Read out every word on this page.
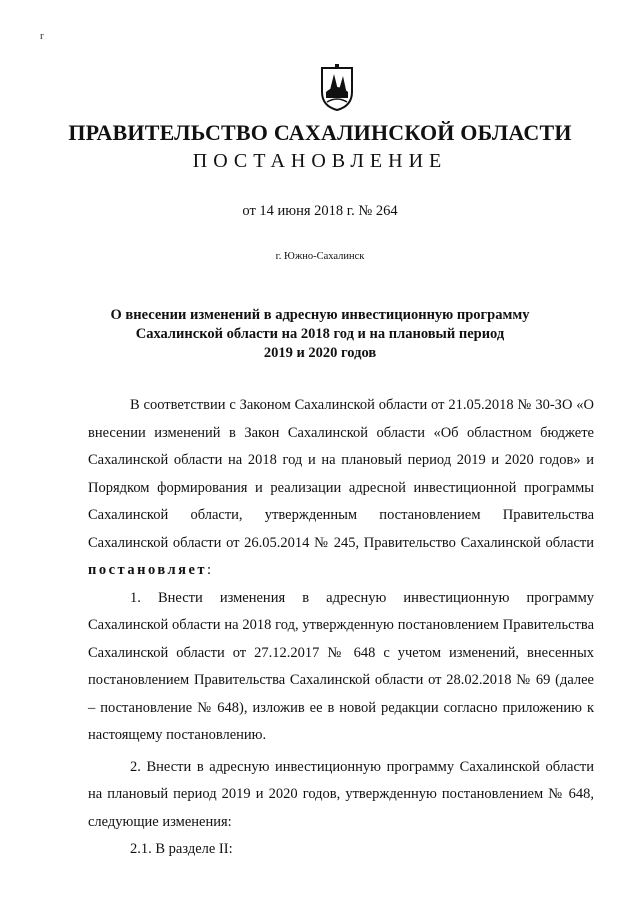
r
ПРАВИТЕЛЬСТВО САХАЛИНСКОЙ ОБЛАСТИ
ПОСТАНОВЛЕНИЕ
от 14 июня 2018 г. № 264
г. Южно-Сахалинск
О внесении изменений в адресную инвестиционную программу
Сахалинской области на 2018 год и на плановый период
2019 и 2020 годов

В соответствии с Законом Сахалинской области от 21.05.2018 № 30-ЗО «О внесении изменений в Закон Сахалинской области «Об областном бюджете Сахалинской области на 2018 год и на плановый период 2019 и 2020 годов» и Порядком формирования и реализации адресной инвестиционной программы Сахалинской области, утвержденным постановлением Правительства Сахалинской области от 26.05.2014 № 245, Правительство Сахалинской области постановляет:

1. Внести изменения в адресную инвестиционную программу Сахалинской области на 2018 год, утвержденную постановлением Правительства Сахалинской области от 27.12.2017 № 648 с учетом изменений, внесенных постановлением Правительства Сахалинской области от 28.02.2018 № 69 (далее – постановление № 648), изложив ее в новой редакции согласно приложению к настоящему постановлению.

2. Внести в адресную инвестиционную программу Сахалинской области на плановый период 2019 и 2020 годов, утвержденную постановлением № 648, следующие изменения:

2.1. В разделе II:
